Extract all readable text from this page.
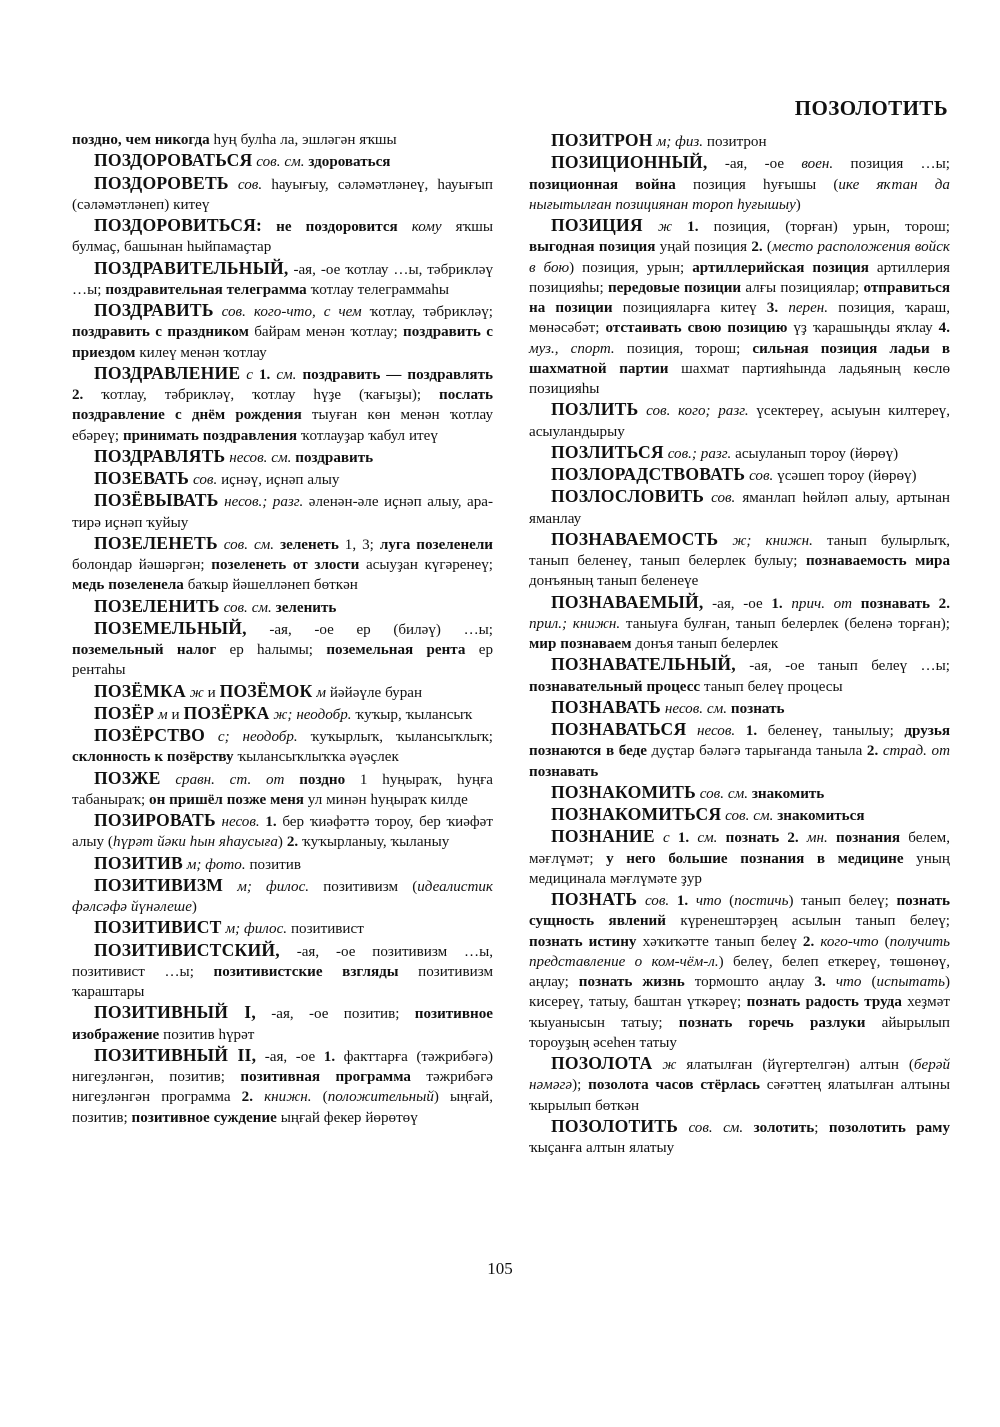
ПОЗОЛОТИТЬ

поздно, чем никогда һуң булһа ла, эшләгән яҡшы

ПОЗДОРОВАТЬСЯ сов. см. здороваться

ПОЗДОРОВЕТЬ сов. һауығыу, сәләмәтләнеү, һауығып (сәләмәтләнеп) китеү

ПОЗДОРОВИТЬСЯ: не поздоровится кому яҡшы булмаҫ, башынан һыйпамаҫтар

ПОЗДРАВИТЕЛЬНЫЙ, -ая, -ое ҡотлау …ы, тәбрикләү …ы; поздравительная телеграмма ҡотлау телеграммаһы

ПОЗДРАВИТЬ сов. кого-что, с чем ҡотлау, тәбрикләү; поздравить с праздником байрам менән ҡотлау; поздравить с приездом килеү менән ҡотлау

ПОЗДРАВЛЕНИЕ с 1. см. поздравить — поздравлять 2. ҡотлау, тәбрикләү, ҡотлау һүҙе (ҡағыҙы); послать поздравление с днём рождения тыуған көн менән ҡотлау ебәреү; принимать поздравления ҡотлауҙар ҡабул итеү

ПОЗДРАВЛЯТЬ несов. см. поздравить

ПОЗЕВАТЬ сов. иҫнәү, иҫнәп алыу

ПОЗЁВЫВАТЬ несов.; разг. әленән-әле иҫнәп алыу, ара-тирә иҫнәп ҡуйыу

ПОЗЕЛЕНЕТЬ сов. см. зеленеть 1, 3; луга позеленели болондар йәшәргән; позеленеть от злости асыуҙан күгәренеү; медь позеленела баҡыр йәшелләнеп бөткән

ПОЗЕЛЕНИТЬ сов. см. зеленить

ПОЗЕМЕЛЬНЫЙ, -ая, -ое ер (биләү) …ы; поземельный налог ер һалымы; поземельная рента ер рентаһы

ПОЗЁМКА ж и ПОЗЁМОК м йәйәүле буран

ПОЗЁР м и ПОЗЁРКА ж; неодобр. ҡуҡыр, ҡылансыҡ

ПОЗЁРСТВО с; неодобр. ҡуҡырлыҡ, ҡылансыҡлыҡ; склонность к позёрству ҡылансыҡлыҡҡа әүәҫлек

ПОЗЖЕ сравн. ст. от поздно 1 һуңыраҡ, һуңға табаныраҡ; он пришёл позже меня ул минән һуңыраҡ килде

ПОЗИРОВАТЬ несов. 1. бер ҡиәфәттә тороу, бер ҡиәфәт алыу (һүрәт йәки һын яһаусыға) 2. ҡуҡырланыу, ҡыланыу

ПОЗИТИВ м; фото. позитив

ПОЗИТИВИЗМ м; филос. позитивизм (идеалистик фәлсәфә йүнәлеше)

ПОЗИТИВИСТ м; филос. позитивист

ПОЗИТИВИСТСКИЙ, -ая, -ое позитивизм …ы, позитивист …ы; позитивистские взгляды позитивизм ҡараштары

ПОЗИТИВНЫЙ I, -ая, -ое позитив; позитивное изображение позитив һүрәт

ПОЗИТИВНЫЙ II, -ая, -ое 1. факттарға (тәжрибәгә) нигеҙләнгән, позитив; позитивная программа тәжрибәгә нигеҙләнгән программа 2. книжн. (положительный) ыңғай, позитив; позитивное суждение ыңғай фекер йөрөтөү

ПОЗИТРОН м; физ. позитрон

ПОЗИЦИОННЫЙ, -ая, -ое воен. позиция …ы; позиционная война позиция һуғышы (ике яҡтан да нығытылған позициянан тороп һуғышыу)

ПОЗИЦИЯ ж 1. позиция, (торған) урын, торош; выгодная позиция уңай позиция 2. (место расположения войск в бою) позиция, урын; артиллерийская позиция артиллерия позицияһы; передовые позиции алғы позициялар; отправиться на позиции позицияларға китеү 3. перен. позиция, ҡараш, мөнәсәбәт; отстаивать свою позицию үҙ ҡарашыңды яҡлау 4. муз., спорт. позиция, торош; сильная позиция ладьи в шахматной партии шахмат партияһында ладьяның көслө позицияһы

ПОЗЛИТЬ сов. кого; разг. үсектереү, асыуын килтереү, асыуландырыу

ПОЗЛИТЬСЯ сов.; разг. асыуланып тороу (йөрөү)

ПОЗЛОРАДСТВОВАТЬ сов. үсәшеп тороу (йөрөү)

ПОЗЛОСЛОВИТЬ сов. яманлап һөйләп алыу, артынан яманлау

ПОЗНАВАЕМОСТЬ ж; книжн. танып булырлыҡ, танып беленеү, танып белерлек булыу; познаваемость мира донъяның танып беленеүе

ПОЗНАВАЕМЫЙ, -ая, -ое 1. прич. от познавать 2. прил.; книжн. таныуға булған, танып белерлек (беленә торған); мир познаваем донъя танып белерлек

ПОЗНАВАТЕЛЬНЫЙ, -ая, -ое танып белеү …ы; познавательный процесс танып белеү процесы

ПОЗНАВАТЬ несов. см. познать

ПОЗНАВАТЬСЯ несов. 1. беленеү, танылыу; друзья познаются в беде дуҫтар бәләгә тарығанда таныла 2. страд. от познавать

ПОЗНАКОМИТЬ сов. см. знакомить

ПОЗНАКОМИТЬСЯ сов. см. знакомиться

ПОЗНАНИЕ с 1. см. познать 2. мн. познания белем, мәғлүмәт; у него большие познания в медицине уның медицинала мәғлүмәте ҙур

ПОЗНАТЬ сов. 1. что (постичь) танып белеү; познать сущность явлений күренештәрҙең асылын танып белеү; познать истину хәҡиҡәтте танып белеү 2. кого-что (получить представление о ком-чём-л.) белеү, белеп еткереү, төшөнөү, аңлау; познать жизнь тормошто аңлау 3. что (испытать) кисереү, татыу, баштан үткәреү; познать радость труда хеҙмәт ҡыуанысын татыу; познать горечь разлуки айырылып тороуҙың әсеһен татыу

ПОЗОЛОТА ж ялатылған (йүгертелгән) алтын (берәй нәмәгә); позолота часов стёрлась сәғәттең ялатылған алтыны ҡырылып бөткән

ПОЗОЛОТИТЬ сов. см. золотить; позолотить раму ҡыҫанға алтын ялатыу

105
